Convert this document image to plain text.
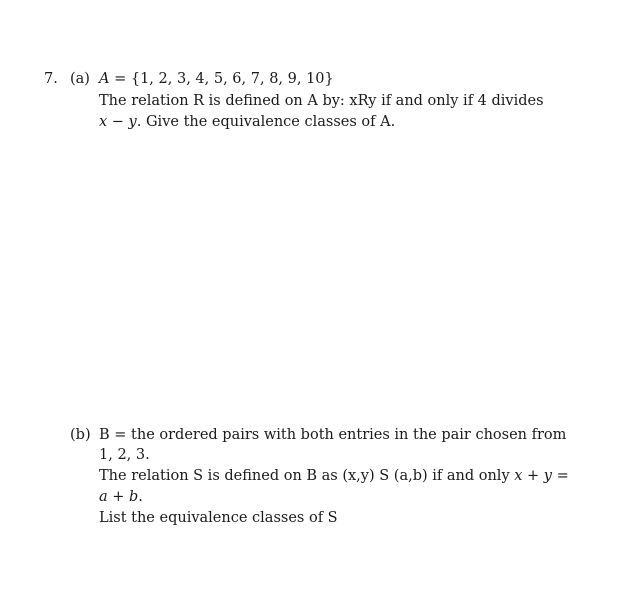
7. (a) A = {1, 2, 3, 4, 5, 6, 7, 8, 9, 10}
The relation R is defined on A by: xRy if and only if 4 divides
x − y. Give the equivalence classes of A.
(b) B = the ordered pairs with both entries in the pair chosen from
1, 2, 3.
The relation S is defined on B as (x,y) S (a,b) if and only x + y =
a + b.
List the equivalence classes of S
